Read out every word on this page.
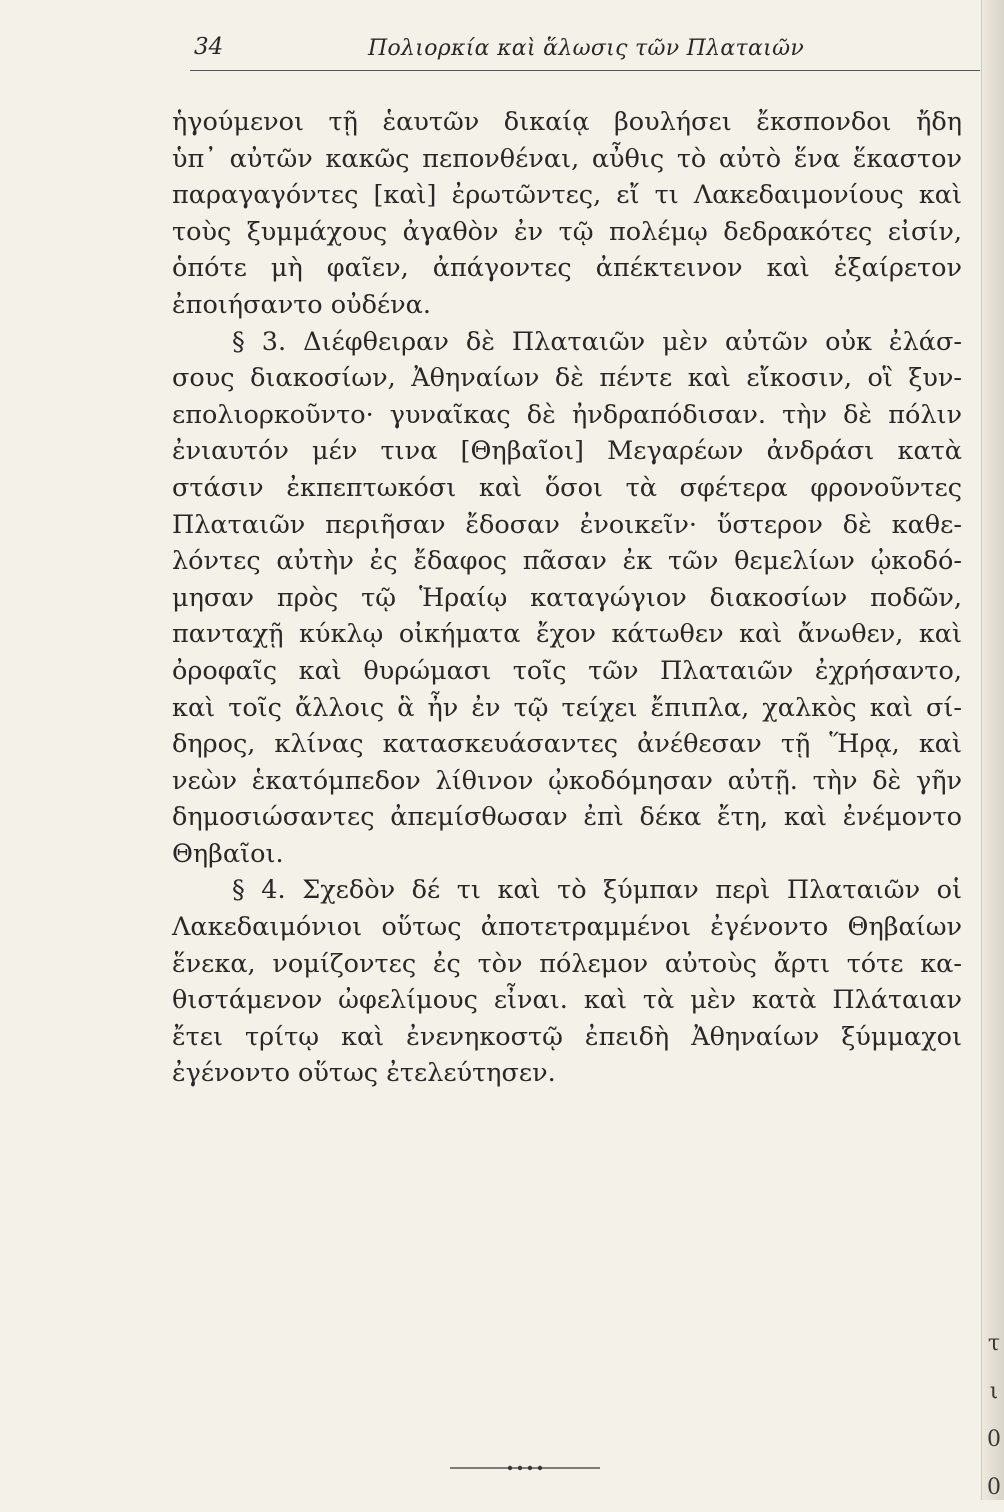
τ
ι
0
0
34	Πολιορκία καὶ ἅλωσις τῶν Πλαταιῶν
ἡγούμενοι τῇ ἑαυτῶν δικαίᾳ βουλήσει ἔκσπονδοι ἤδη
ὑπ᾽ αὐτῶν κακῶς πεπονθέναι, αὖθις τὸ αὐτὸ ἕνα ἕκαστον
παραγαγόντες [καὶ] ἐρωτῶντες, εἴ τι Λακεδαιμονίους καὶ
τοὺς ξυμμάχους ἀγαθὸν ἐν τῷ πολέμῳ δεδρακότες εἰσίν,
ὁπότε μὴ φαῖεν, ἀπάγοντες ἀπέκτεινον καὶ ἐξαίρετον
ἐποιήσαντο οὐδένα.
§ 3. Διέφθειραν δὲ Πλαταιῶν μὲν αὐτῶν οὐκ ἐλάσ-
σους διακοσίων, Ἀθηναίων δὲ πέντε καὶ εἴκοσιν, οἳ ξυν-
επολιορκοῦντο· γυναῖκας δὲ ἠνδραπόδισαν. τὴν δὲ πόλιν
ἐνιαυτόν μέν τινα [Θηβαῖοι] Μεγαρέων ἀνδράσι κατὰ
στάσιν ἐκπεπτωκόσι καὶ ὅσοι τὰ σφέτερα φρονοῦντες
Πλαταιῶν περιῆσαν ἔδοσαν ἐνοικεῖν· ὕστερον δὲ καθε-
λόντες αὐτὴν ἐς ἔδαφος πᾶσαν ἐκ τῶν θεμελίων ᾠκοδό-
μησαν πρὸς τῷ Ἡραίῳ καταγώγιον διακοσίων ποδῶν,
πανταχῇ κύκλῳ οἰκήματα ἔχον κάτωθεν καὶ ἄνωθεν, καὶ
ὀροφαῖς καὶ θυρώμασι τοῖς τῶν Πλαταιῶν ἐχρήσαντο,
καὶ τοῖς ἄλλοις ἃ ἦν ἐν τῷ τείχει ἔπιπλα, χαλκὸς καὶ σί-
δηρος, κλίνας κατασκευάσαντες ἀνέθεσαν τῇ Ἥρᾳ, καὶ
νεὼν ἑκατόμπεδον λίθινον ᾠκοδόμησαν αὐτῇ. τὴν δὲ γῆν
δημοσιώσαντες ἀπεμίσθωσαν ἐπὶ δέκα ἔτη, καὶ ἐνέμοντο
Θηβαῖοι.
§ 4. Σχεδὸν δέ τι καὶ τὸ ξύμπαν περὶ Πλαταιῶν οἱ
Λακεδαιμόνιοι οὕτως ἀποτετραμμένοι ἐγένοντο Θηβαίων
ἕνεκα, νομίζοντες ἐς τὸν πόλεμον αὐτοὺς ἄρτι τότε κα-
θιστάμενον ὠφελίμους εἶναι. καὶ τὰ μὲν κατὰ Πλάταιαν
ἔτει τρίτῳ καὶ ἐνενηκοστῷ ἐπειδὴ Ἀθηναίων ξύμμαχοι
ἐγένοντο οὕτως ἐτελεύτησεν.
